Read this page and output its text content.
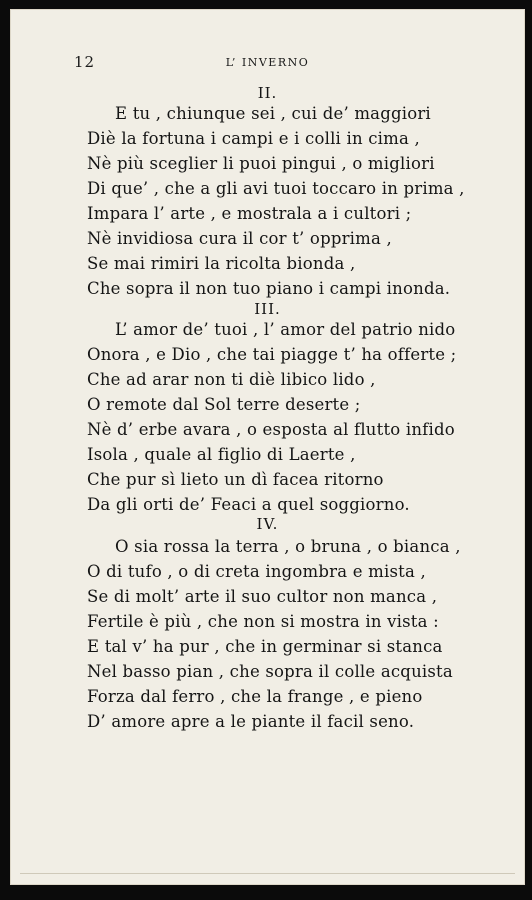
12	L’ INVERNO
II.
E tu , chiunque sei , cui de’ maggiori
Diè la fortuna i campi e i colli in cima ,
Nè più sceglier li puoi pingui , o migliori
Di que’ , che a gli avi tuoi toccaro in prima ,
Impara l’ arte , e mostrala a i cultori ;
Nè invidiosa cura il cor t’ opprima ,
Se mai rimiri la ricolta bionda ,
Che sopra il non tuo piano i campi inonda.
III.
L’ amor de’ tuoi , l’ amor del patrio nido
Onora , e Dio , che tai piagge t’ ha offerte ;
Che ad arar non ti diè libico lido ,
O remote dal Sol terre deserte ;
Nè d’ erbe avara , o esposta al flutto infido
Isola , quale al figlio di Laerte ,
Che pur sì lieto un dì facea ritorno
Da gli orti de’ Feaci a quel soggiorno.
IV.
O sia rossa la terra , o bruna , o bianca ,
O di tufo , o di creta ingombra e mista ,
Se di molt’ arte il suo cultor non manca ,
Fertile è più , che non si mostra in vista :
E tal v’ ha pur , che in germinar si stanca
Nel basso pian , che sopra il colle acquista
Forza dal ferro , che la frange , e pieno
D’ amore apre a le piante il facil seno.
